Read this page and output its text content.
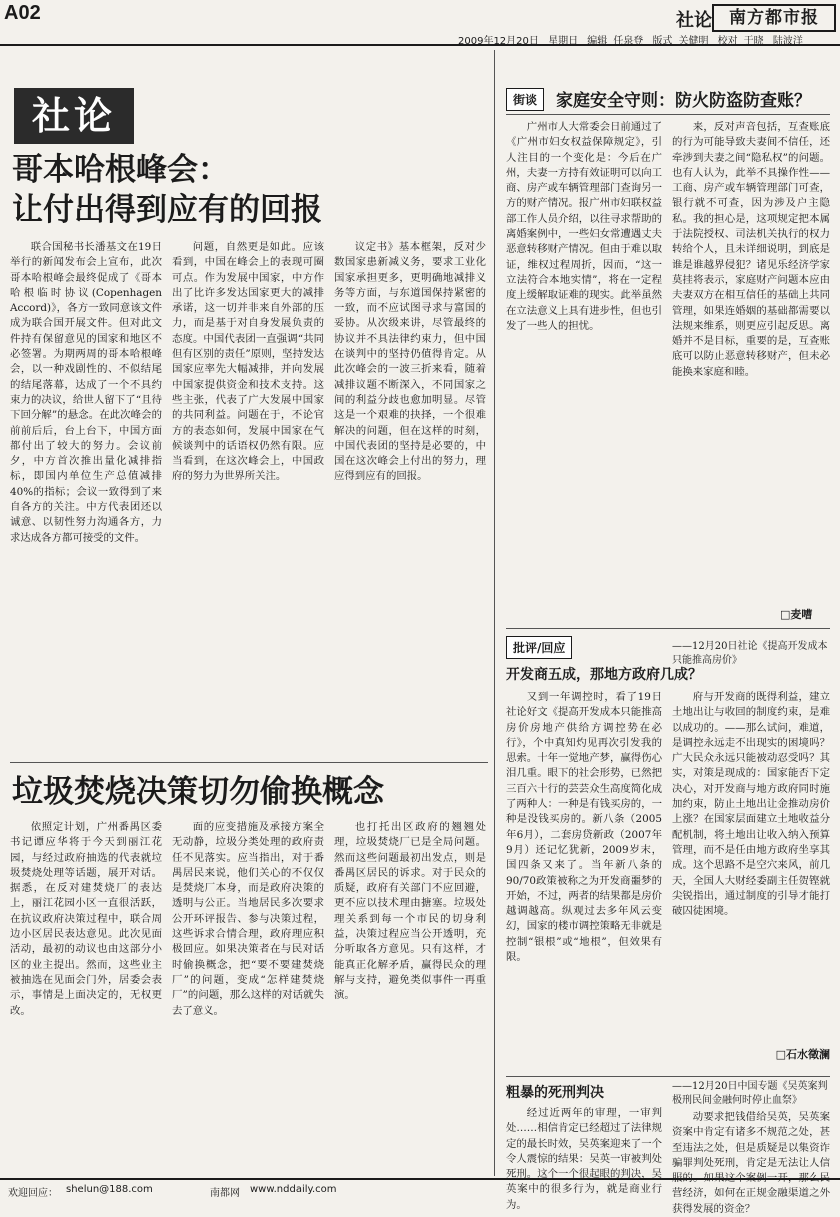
A02	社论	南方都市报
2009年12月20日 星期日 编辑 任泉登 版式 关健明 校对 于晓 陆波洋
社论
哥本哈根峰会：
让付出得到应有的回报

联合国秘书长潘基文在19日举行的新闻发布会上宣布，此次哥本哈根峰会最终促成了《哥本哈根临时协议(Copenhagen Accord)》，各方一致同意该文件成为联合国开展文件。但对此文件持有保留意见的国家和地区不必签署。为期两周的哥本哈根峰会，以一种戏剧性的、不似结尾的结尾落幕，达成了一个不具约束力的决议，给世人留下了“且待下回分解”的悬念。在此次峰会的前前后后，台上台下，中国方面都付出了较大的努力。会议前夕，中方首次推出量化减排指标，即国内单位生产总值减排40%的指标；会议一致得到了来自各方的关注。中方代表团还以诚意、以韧性努力沟通各方，力求达成各方都可接受的文件。

问题，自然更是如此。应该看到，中国在峰会上的表现可圈可点。作为发展中国家，中方作出了比许多发达国家更大的减排承诺，这一切并非来自外部的压力，而是基于对自身发展负责的态度。中国代表团一直强调“共同但有区别的责任”原则，坚持发达国家应率先大幅减排，并向发展中国家提供资金和技术支持。这些主张，代表了广大发展中国家的共同利益。问题在于，不论官方的表态如何，发展中国家在气候谈判中的话语权仍然有限。应当看到，在这次峰会上，中国政府的努力为世界所关注。

议定书》基本框架，反对少数国家患新减义务，要求工业化国家承担更多，更明确地减排义务等方面，与东道国保持紧密的一致，而不应试图寻求与富国的妥协。从次级来讲，尽管最终的协议并不具法律约束力，但中国在谈判中的坚持仍值得肯定。从此次峰会的一波三折来看，随着减排议题不断深入，不同国家之间的利益分歧也愈加明显。尽管这是一个艰难的抉择，一个很难解决的问题，但在这样的时刻，中国代表团的坚持是必要的，中国在这次峰会上付出的努力，理应得到应有的回报。

垃圾焚烧决策切勿偷换概念

依照定计划，广州番禺区委书记谭应华将于今天到丽江花园，与经过政府抽选的代表就垃圾焚烧处理等话题，展开对话。据悉，在反对建焚烧厂的表达上，丽江花园小区一直很活跃，在抗议政府决策过程中，联合周边小区居民表达意见。此次见面活动，最初的动议也由这部分小区的业主提出。然而，这些业主被抽选在见面会门外，居委会表示，事情是上面决定的，无权更改。

面的应变措施及承接方案全无动静，垃圾分类处理的政府责任不见落实。应当指出，对于番禺居民来说，他们关心的不仅仅是焚烧厂本身，而是政府决策的透明与公正。当地居民多次要求公开环评报告、参与决策过程，这些诉求合情合理，政府理应积极回应。如果决策者在与民对话时偷换概念，把“要不要建焚烧厂”的问题，变成“怎样建焚烧厂”的问题，那么这样的对话就失去了意义。

也打托出区政府的翘翘处理，垃圾焚烧厂已是全局问题。然而这些问题最初出发点，则是番禺区居民的诉求。对于民众的质疑，政府有关部门不应回避，更不应以技术理由搪塞。垃圾处理关系到每一个市民的切身利益，决策过程应当公开透明，充分听取各方意见。只有这样，才能真正化解矛盾，赢得民众的理解与支持，避免类似事件一再重演。

街谈	家庭安全守则：防火防盗防查账？

广州市人大常委会日前通过了《广州市妇女权益保障规定》，引人注目的一个变化是：今后在广州，夫妻一方持有效证明可以向工商、房产或车辆管理部门查询另一方的财产情况。报广州市妇联权益部工作人员介绍，以往寻求帮助的离婚案例中，一些妇女常遭遇丈夫恶意转移财产情况。但由于难以取证，维权过程周折，因而，“这一立法符合本地实情”，将在一定程度上缓解取证难的现实。此举虽然在立法意义上具有进步性，但也引发了一些人的担忧。

来，反对声音包括，互查账底的行为可能导致夫妻间不信任，还牵涉到夫妻之间“隐私权”的问题。也有人认为，此举不具操作性——工商、房产或车辆管理部门可查，银行就不可查，因为涉及户主隐私。我的担心是，这项规定把本属于法院授权、司法机关执行的权力转给个人，且未详细说明，到底是谁是谁越界侵犯？诸见乐经济学家莫挂将表示，家庭财产问题本应由夫妻双方在相互信任的基础上共同管理，如果连婚姻的基础都需要以法规来维系，则更应引起反思。离婚并不是目标，重要的是，互查账底可以防止恶意转移财产，但未必能换来家庭和睦。

□麦嘈
批评/回应
开发商五成，那地方政府几成？
——12月20日社论《提高开发成本只能推高房价》

又到一年调控时，看了19日社论好文《提高开发成本只能推高房价房地产供给方调控势在必行》，个中真知灼见再次引发我的思索。十年一觉地产梦，赢得伤心泪几重。眼下的社会形势，已然把三百六十行的芸芸众生高度简化成了两种人：一种是有钱买房的，一种是没钱买房的。新八条（2005年6月），二套房贷新政（2007年9月）还记忆犹新，2009岁末，国四条又来了。当年新八条的90/70政策被称之为开发商噩梦的开始，不过，两者的结果都是房价越调越高。纵观过去多年风云变幻，国家的楼市调控策略无非就是控制“银根”或“地根”，但效果有限。

府与开发商的既得利益，建立土地出让与收回的制度约束，是难以成功的。——那么试问，难道，是调控永远走不出现实的困境吗？广大民众永远只能被动忍受吗？其实，对策是现成的：国家能否下定决心，对开发商与地方政府同时施加约束，防止土地出让金推动房价上涨？在国家层面建立土地收益分配机制，将土地出让收入纳入预算管理，而不是任由地方政府坐享其成。这个思路不是空穴来风，前几天，全国人大财经委副主任贺铿就尖锐指出，通过制度的引导才能打破囚徒困境。

□石水徵澜
粗暴的死刑判决	——12月20日中国专题《吴英案判极刑民间金融何时停止血祭》

经过近两年的审理，一审判处……相信肯定已经超过了法律规定的最长时效，吴英案迎来了一个令人震惊的结果：吴英一审被判处死刑。这个一个很起眼的判决，吴英案中的很多行为，就是商业行为。

动要求把钱借给吴英，吴英案资案中肯定有诸多不规范之处，甚至违法之处，但是质疑是以集资诈骗罪判处死刑，肯定是无法让人信服的。如果这个案例一开，那么民营经济，如何在正规金融渠道之外获得发展的资金？

欢迎回应： shelun@188.com	南都网 www.nddaily.com
